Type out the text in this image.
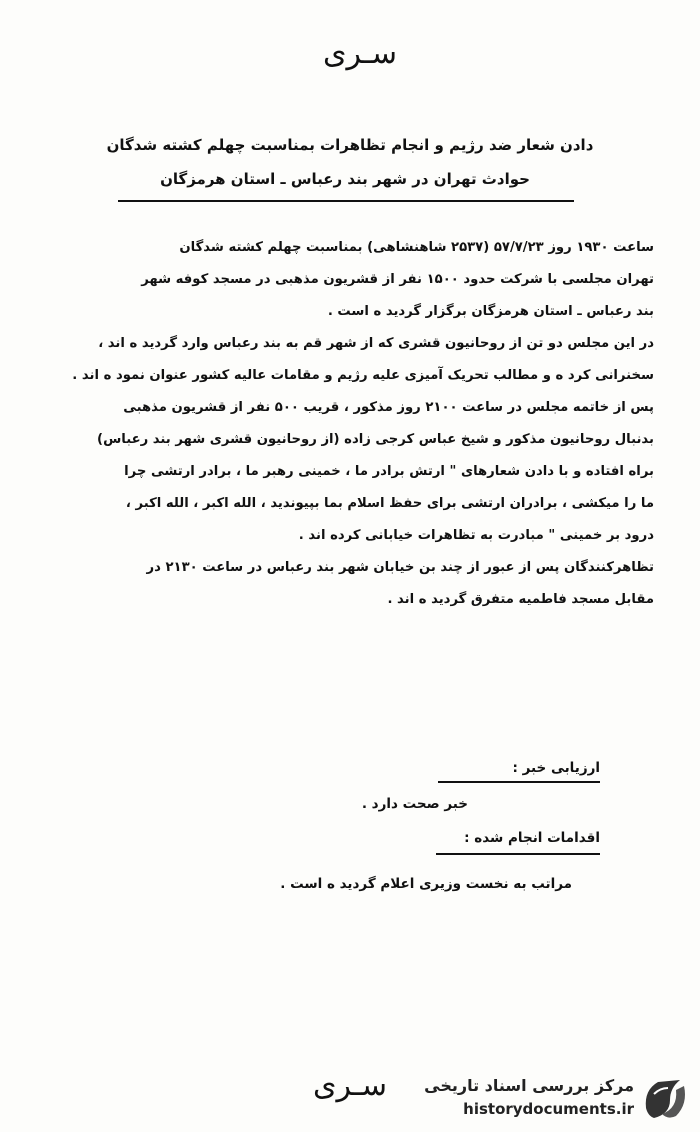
سـری
دادن شعار ضد رژیم و انجام تظاهرات بمناسبت چهلم کشته شدگان
حوادث تهران در شهر بند رعباس ـ استان هرمزگان
ساعت ۱۹۳۰ روز ۵۷/۷/۲۳ (۲۵۳۷ شاهنشاهی) بمناسبت چهلم کشته شدگان
تهران مجلسی با شرکت حدود ۱۵۰۰ نفر از قشریون مذهبی در مسجد کوفه شهر
بند رعباس ـ استان هرمزگان برگزار گردید ه است .
در این مجلس دو تن از روحانیون قشری که از شهر قم به بند رعباس وارد گردید ه اند ،
سخنرانی کرد ه و مطالب تحریک آمیزی علیه رژیم و مقامات عالیه کشور عنوان نمود ه اند .
پس از خاتمه مجلس در ساعت ۲۱۰۰ روز مذکور ، قریب ۵۰۰ نفر از قشریون مذهبی
بدنبال روحانیون مذکور و شیخ عباس کرجی زاده (از روحانیون قشری شهر بند رعباس)
براه افتاده و با دادن شعارهای " ارتش برادر ما ، خمینی رهبر ما ، برادر ارتشی چرا
ما را میکشی ، برادران ارتشی برای حفظ اسلام بما بپیوندید ، الله اکبر ، الله اکبر ،
درود بر خمینی " مبادرت به تظاهرات خیابانی کرده اند .
تظاهرکنندگان پس از عبور از چند بن خیابان شهر بند رعباس در ساعت ۲۱۳۰ در
مقابل مسجد فاطمیه متفرق گردید ه اند .
ارزیابی خبر :
خبر صحت دارد .
اقدامات انجام شده :
مراتب به نخست وزیری اعلام گردید ه است .
سـری	مرکز بررسی اسناد تاریخی
historydocuments.ir
